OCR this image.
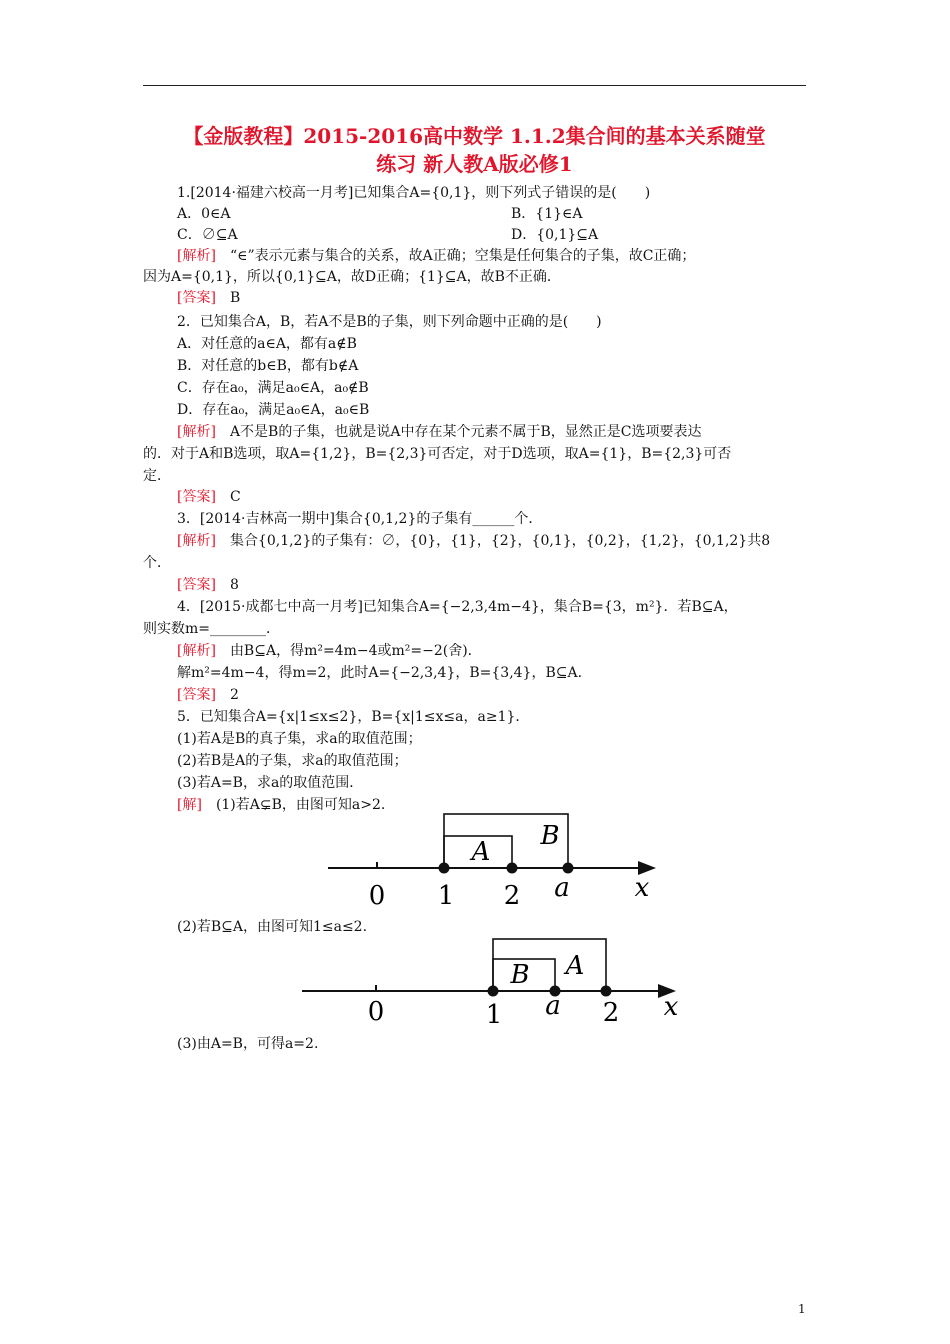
【金版教程】2015-2016高中数学 1.1.2集合间的基本关系随堂
练习 新人教A版必修1
1.[2014·福建六校高一月考]已知集合A={0,1}，则下列式子错误的是(　　)
A．0∈A	B．{1}∈A
C．∅⊆A	D．{0,1}⊆A
[解析]　 “∈”表示元素与集合的关系，故A正确；空集是任何集合的子集，故C正确；
因为A={0,1}，所以{0,1}⊆A，故D正确；{1}⊆A，故B不正确．
[答案]　 B
2．已知集合A，B，若A不是B的子集，则下列命题中正确的是(　　)
A．对任意的a∈A，都有a∉B
B．对任意的b∈B，都有b∉A
C．存在a₀，满足a₀∈A，a₀∉B
D．存在a₀，满足a₀∈A，a₀∈B
[解析]　 A不是B的子集，也就是说A中存在某个元素不属于B，显然正是C选项要表达
的．对于A和B选项，取A={1,2}，B={2,3}可否定，对于D选项，取A={1}，B={2,3}可否
定．
[答案]　 C
3．[2014·吉林高一期中]集合{0,1,2}的子集有______个．
[解析]　 集合{0,1,2}的子集有：∅，{0}，{1}，{2}，{0,1}，{0,2}，{1,2}，{0,1,2}共8
个．
[答案]　 8
4．[2015·成都七中高一月考]已知集合A={−2,3,4m−4}，集合B={3，m²}．若B⊆A，
则实数m=________．
[解析]　 由B⊆A，得m²=4m−4或m²=−2(舍)．
解m²=4m−4，得m=2，此时A={−2,3,4}，B={3,4}，B⊆A.
[答案]　 2
5．已知集合A={x|1≤x≤2}，B={x|1≤x≤a，a≥1}．
(1)若A是B的真子集，求a的取值范围；
(2)若B是A的子集，求a的取值范围；
(3)若A=B，求a的取值范围．
[解]　 (1)若A⊊B，由图可知a>2.
A
B
0 1 2 a x
(2)若B⊆A，由图可知1≤a≤2.
B A
0	1 a 2 x
(3)由A=B，可得a=2.
1
